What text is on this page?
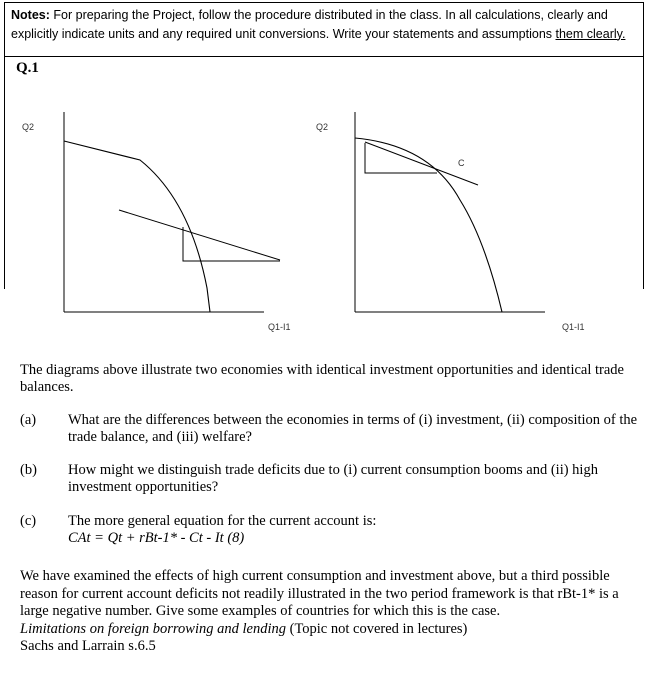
Notes: For preparing the Project, follow the procedure distributed in the class. In all calculations, clearly and explicitly indicate units and any required unit conversions. Write your statements and assumptions them clearly.
Q.1
Q2
Q1-I1
Q2
C
Q1-I1
The diagrams above illustrate two economies with identical investment opportunities and identical trade balances.
(a) What are the differences between the economies in terms of (i) investment, (ii) composition of the trade balance, and (iii) welfare?
(b) How might we distinguish trade deficits due to (i) current consumption booms and (ii) high investment opportunities?
(c) The more general equation for the current account is:
CAt = Qt + rBt-1* - Ct - It (8)
We have examined the effects of high current consumption and investment above, but a third possible reason for current account deficits not readily illustrated in the two period framework is that rBt-1* is a large negative number. Give some examples of countries for which this is the case.
Limitations on foreign borrowing and lending (Topic not covered in lectures)
Sachs and Larrain s.6.5
